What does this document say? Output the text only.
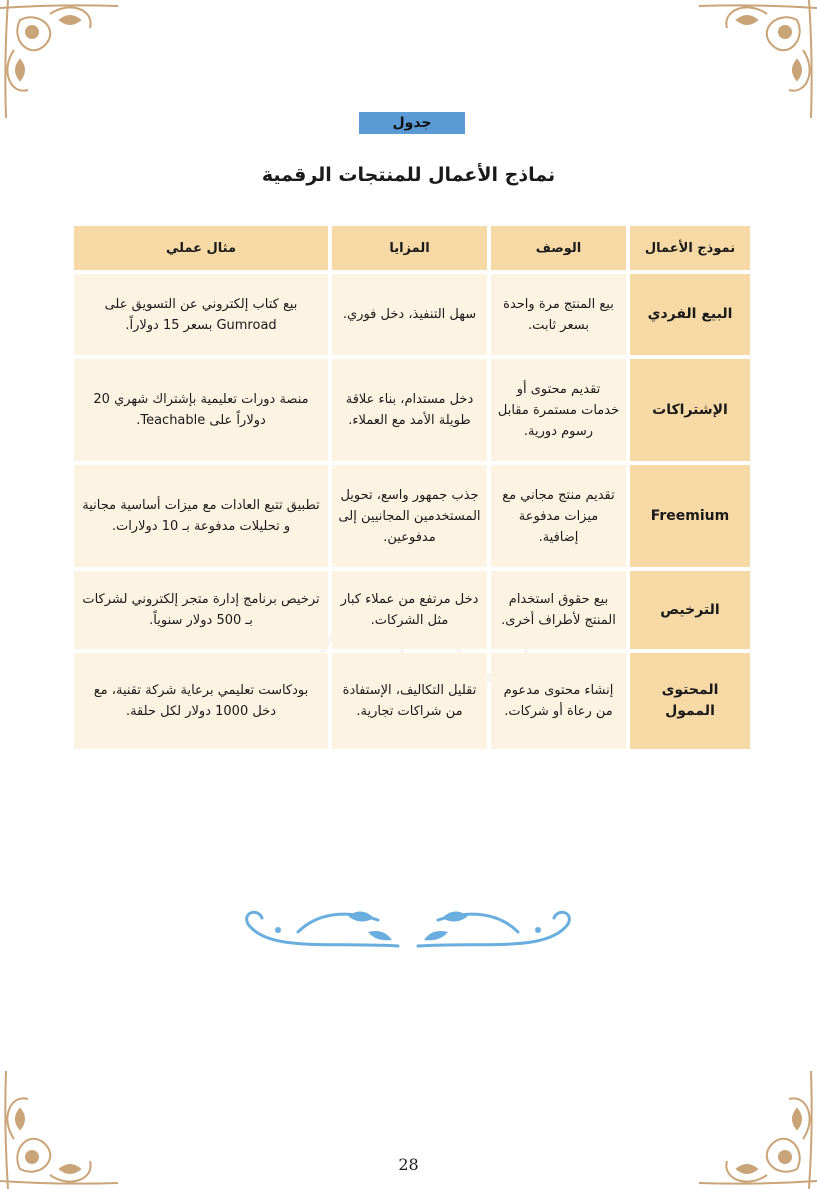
جدول
نماذج الأعمال للمنتجات الرقمية
نموذج الأعمال	الوصف	المزايا	مثال عملي
البيع الفردي	بيع المنتج مرة واحدة بسعر ثابت.	سهل التنفيذ، دخل فوري.	بيع كتاب إلكتروني عن التسويق على Gumroad بسعر 15 دولاراً.
الإشتراكات	تقديم محتوى أو خدمات مستمرة مقابل رسوم دورية.	دخل مستدام، بناء علاقة طويلة الأمد مع العملاء.	منصة دورات تعليمية بإشتراك شهري 20 دولاراً على Teachable.
Freemium	تقديم منتج مجاني مع ميزات مدفوعة إضافية.	جذب جمهور واسع، تحويل المستخدمين المجانيين إلى مدفوعين.	تطبيق تتبع العادات مع ميزات أساسية مجانية و تحليلات مدفوعة بـ 10 دولارات.
الترخيص	بيع حقوق استخدام المنتج لأطراف أخرى.	دخل مرتفع من عملاء كبار مثل الشركات.	ترخيص برنامج إدارة متجر إلكتروني لشركات بـ 500 دولار سنوياً.
المحتوى الممول	إنشاء محتوى مدعوم من رعاة أو شركات.	تقليل التكاليف، الإستفادة من شراكات تجارية.	بودكاست تعليمي برعاية شركة تقنية، مع دخل 1000 دولار لكل حلقة.
28
